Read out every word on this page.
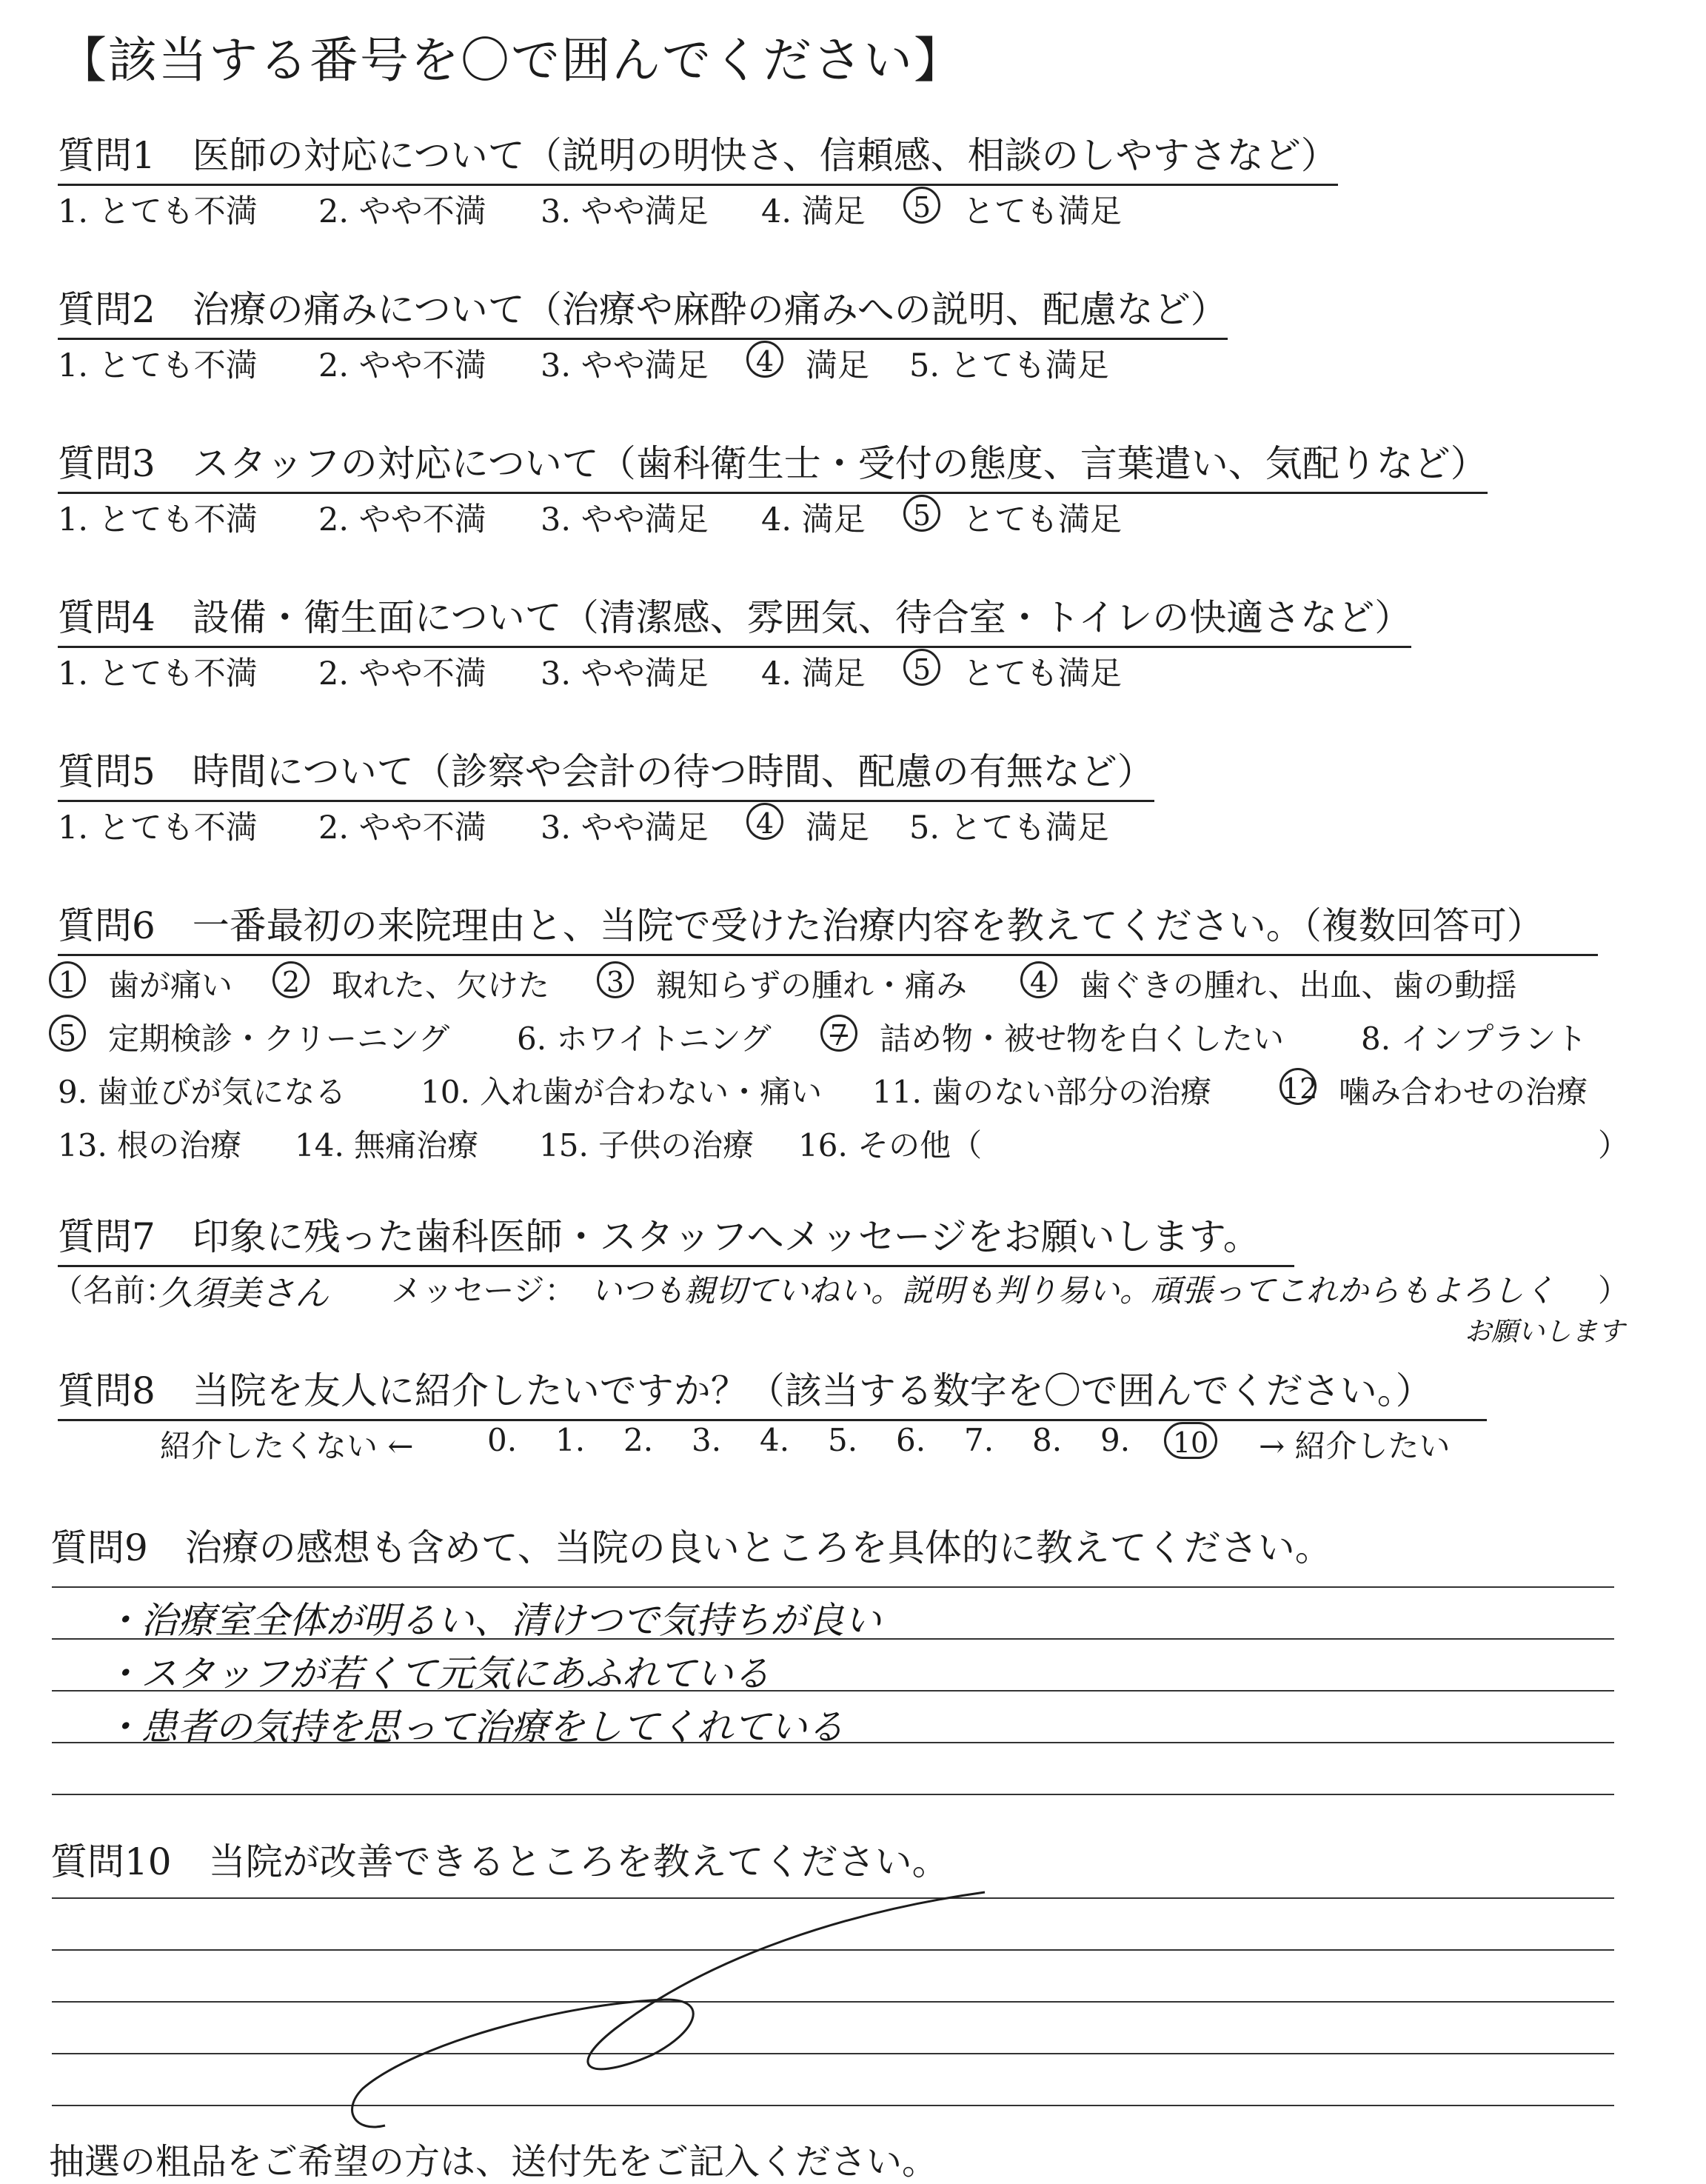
【該当する番号を〇で囲んでください】
質問1　医師の対応について（説明の明快さ、信頼感、相談のしやすさなど）
1. とても不満 2. やや不満 3. やや満足 4. 満足	5 とても満足
質問2　治療の痛みについて（治療や麻酔の痛みへの説明、配慮など）
1. とても不満 2. やや不満 3. やや満足	4 満足 5. とても満足
質問3　スタッフの対応について（歯科衛生士・受付の態度、言葉遣い、気配りなど）
1. とても不満 2. やや不満 3. やや満足 4. 満足	5 とても満足
質問4　設備・衛生面について（清潔感、雰囲気、待合室・トイレの快適さなど）
1. とても不満 2. やや不満 3. やや満足 4. 満足	5 とても満足
質問5　時間について（診察や会計の待つ時間、配慮の有無など）
1. とても不満 2. やや不満 3. やや満足	4 満足 5. とても満足
質問6　一番最初の来院理由と、当院で受けた治療内容を教えてください。（複数回答可）
1	歯が痛い	2	取れた、欠けた	3	親知らずの腫れ・痛み	4	歯ぐきの腫れ、出血、歯の動揺
5	定期検診・クリーニング 6. ホワイトニング	7	詰め物・被せ物を白くしたい 8. インプラント
9. 歯並びが気になる 10. 入れ歯が合わない・痛い 11. 歯のない部分の治療 12 噛み合わせの治療
13. 根の治療 14. 無痛治療 15. 子供の治療 16. その他（	）
質問7　印象に残った歯科医師・スタッフへメッセージをお願いします。
（名前：
久須美さん メッセージ： いつも親切ていねい。説明も判り易い。頑張ってこれからもよろしく ）
お願いします
質問8　当院を友人に紹介したいですか？（該当する数字を〇で囲んでください。）
紹介したくない ← 0. 1. 2. 3. 4. 5. 6. 7. 8. 9.	10 → 紹介したい
質問9　治療の感想も含めて、当院の良いところを具体的に教えてください。
・治療室全体が明るい、清けつで気持ちが良い
・スタッフが若くて元気にあふれている
・患者の気持を思って治療をしてくれている
質問10　当院が改善できるところを教えてください。
抽選の粗品をご希望の方は、送付先をご記入ください。
